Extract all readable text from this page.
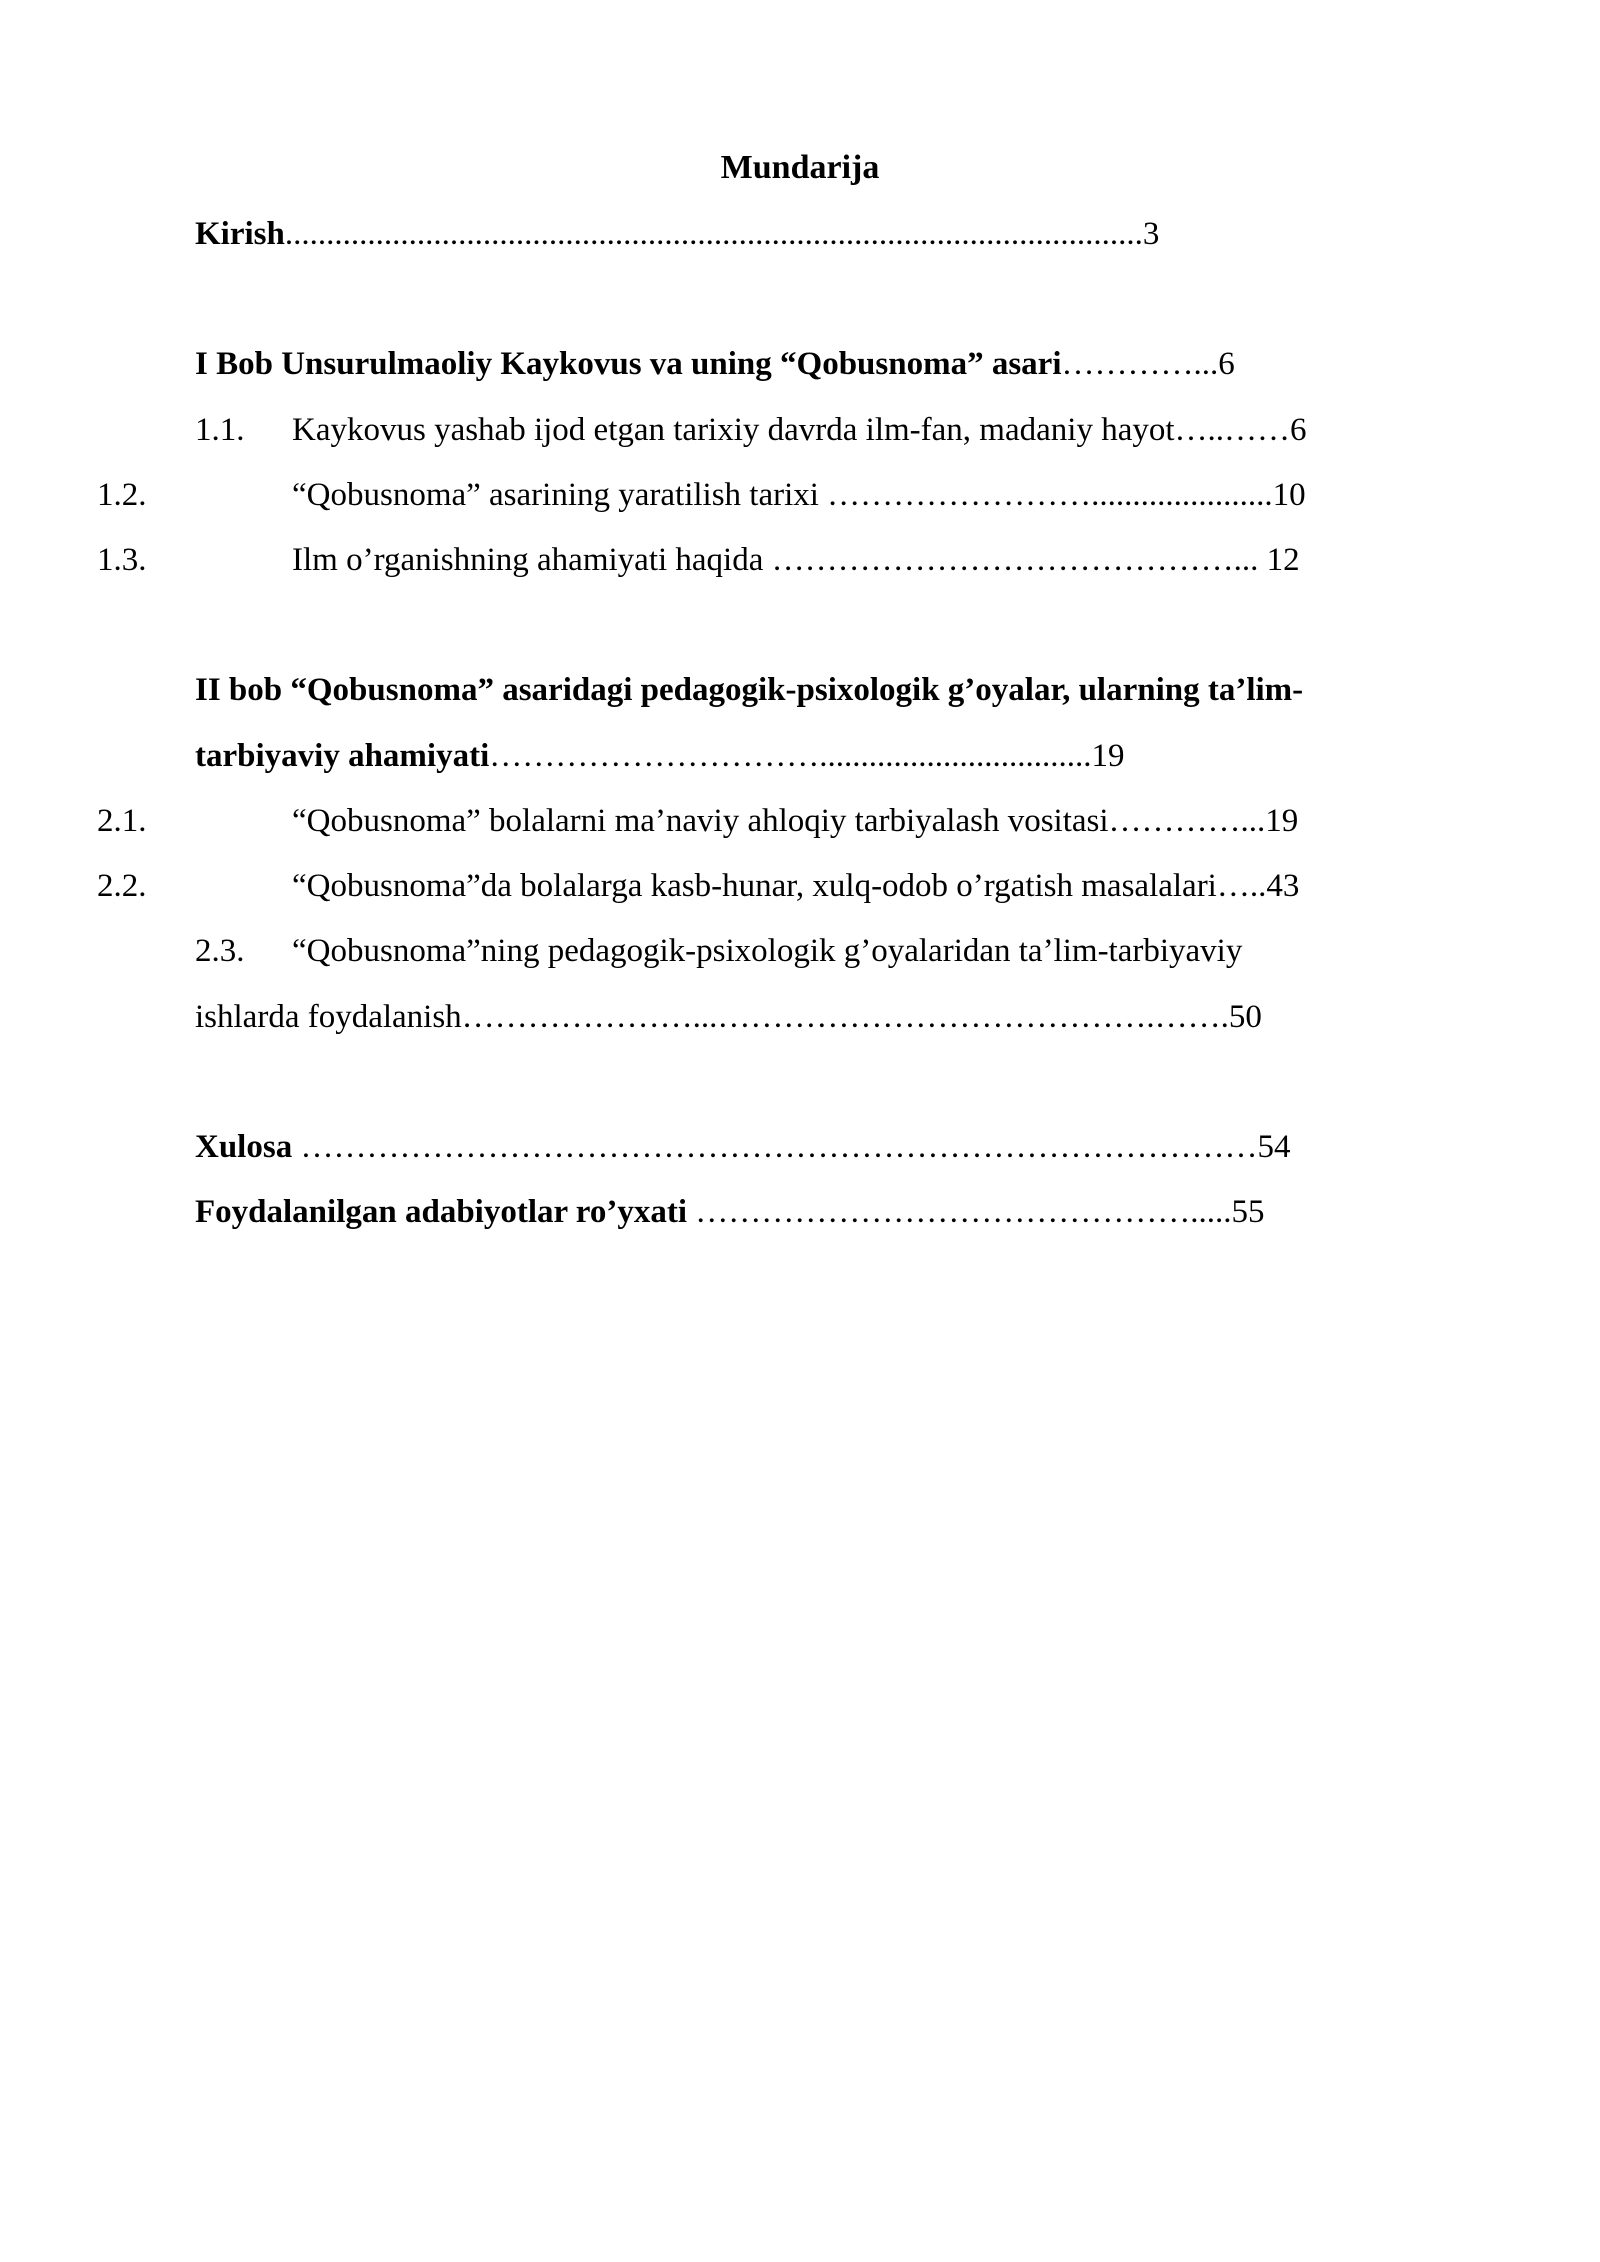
Mundarija
Kirish........................................................................................................3
I Bob Unsurulmaoliy Kaykovus va uning “Qobusnoma” asari…………...6
1.1. Kaykovus yashab ijod etgan tarixiy davrda ilm-fan, madaniy hayot…..……6
1.2.	“Qobusnoma” asarining yaratilish tarixi ……………………......................10
1.3.	Ilm o’rganishning ahamiyati haqida ……………………………………... 12
II bob “Qobusnoma” asaridagi pedagogik-psixologik g’oyalar, ularning ta’lim-
tarbiyaviy ahamiyati………………………….................................19
2.1.	“Qobusnoma” bolalarni ma’naviy ahloqiy tarbiyalash vositasi…………...19
2.2.	“Qobusnoma”da bolalarga kasb-hunar, xulq-odob o’rgatish masalalari…..43
2.3. “Qobusnoma”ning pedagogik-psixologik g’oyalaridan ta’lim-tarbiyaviy
ishlarda foydalanish…………………...………………………………….…….50
Xulosa ……………………………………………………………………………54
Foydalanilgan adabiyotlar ro’yxati ……………………………………….....55
